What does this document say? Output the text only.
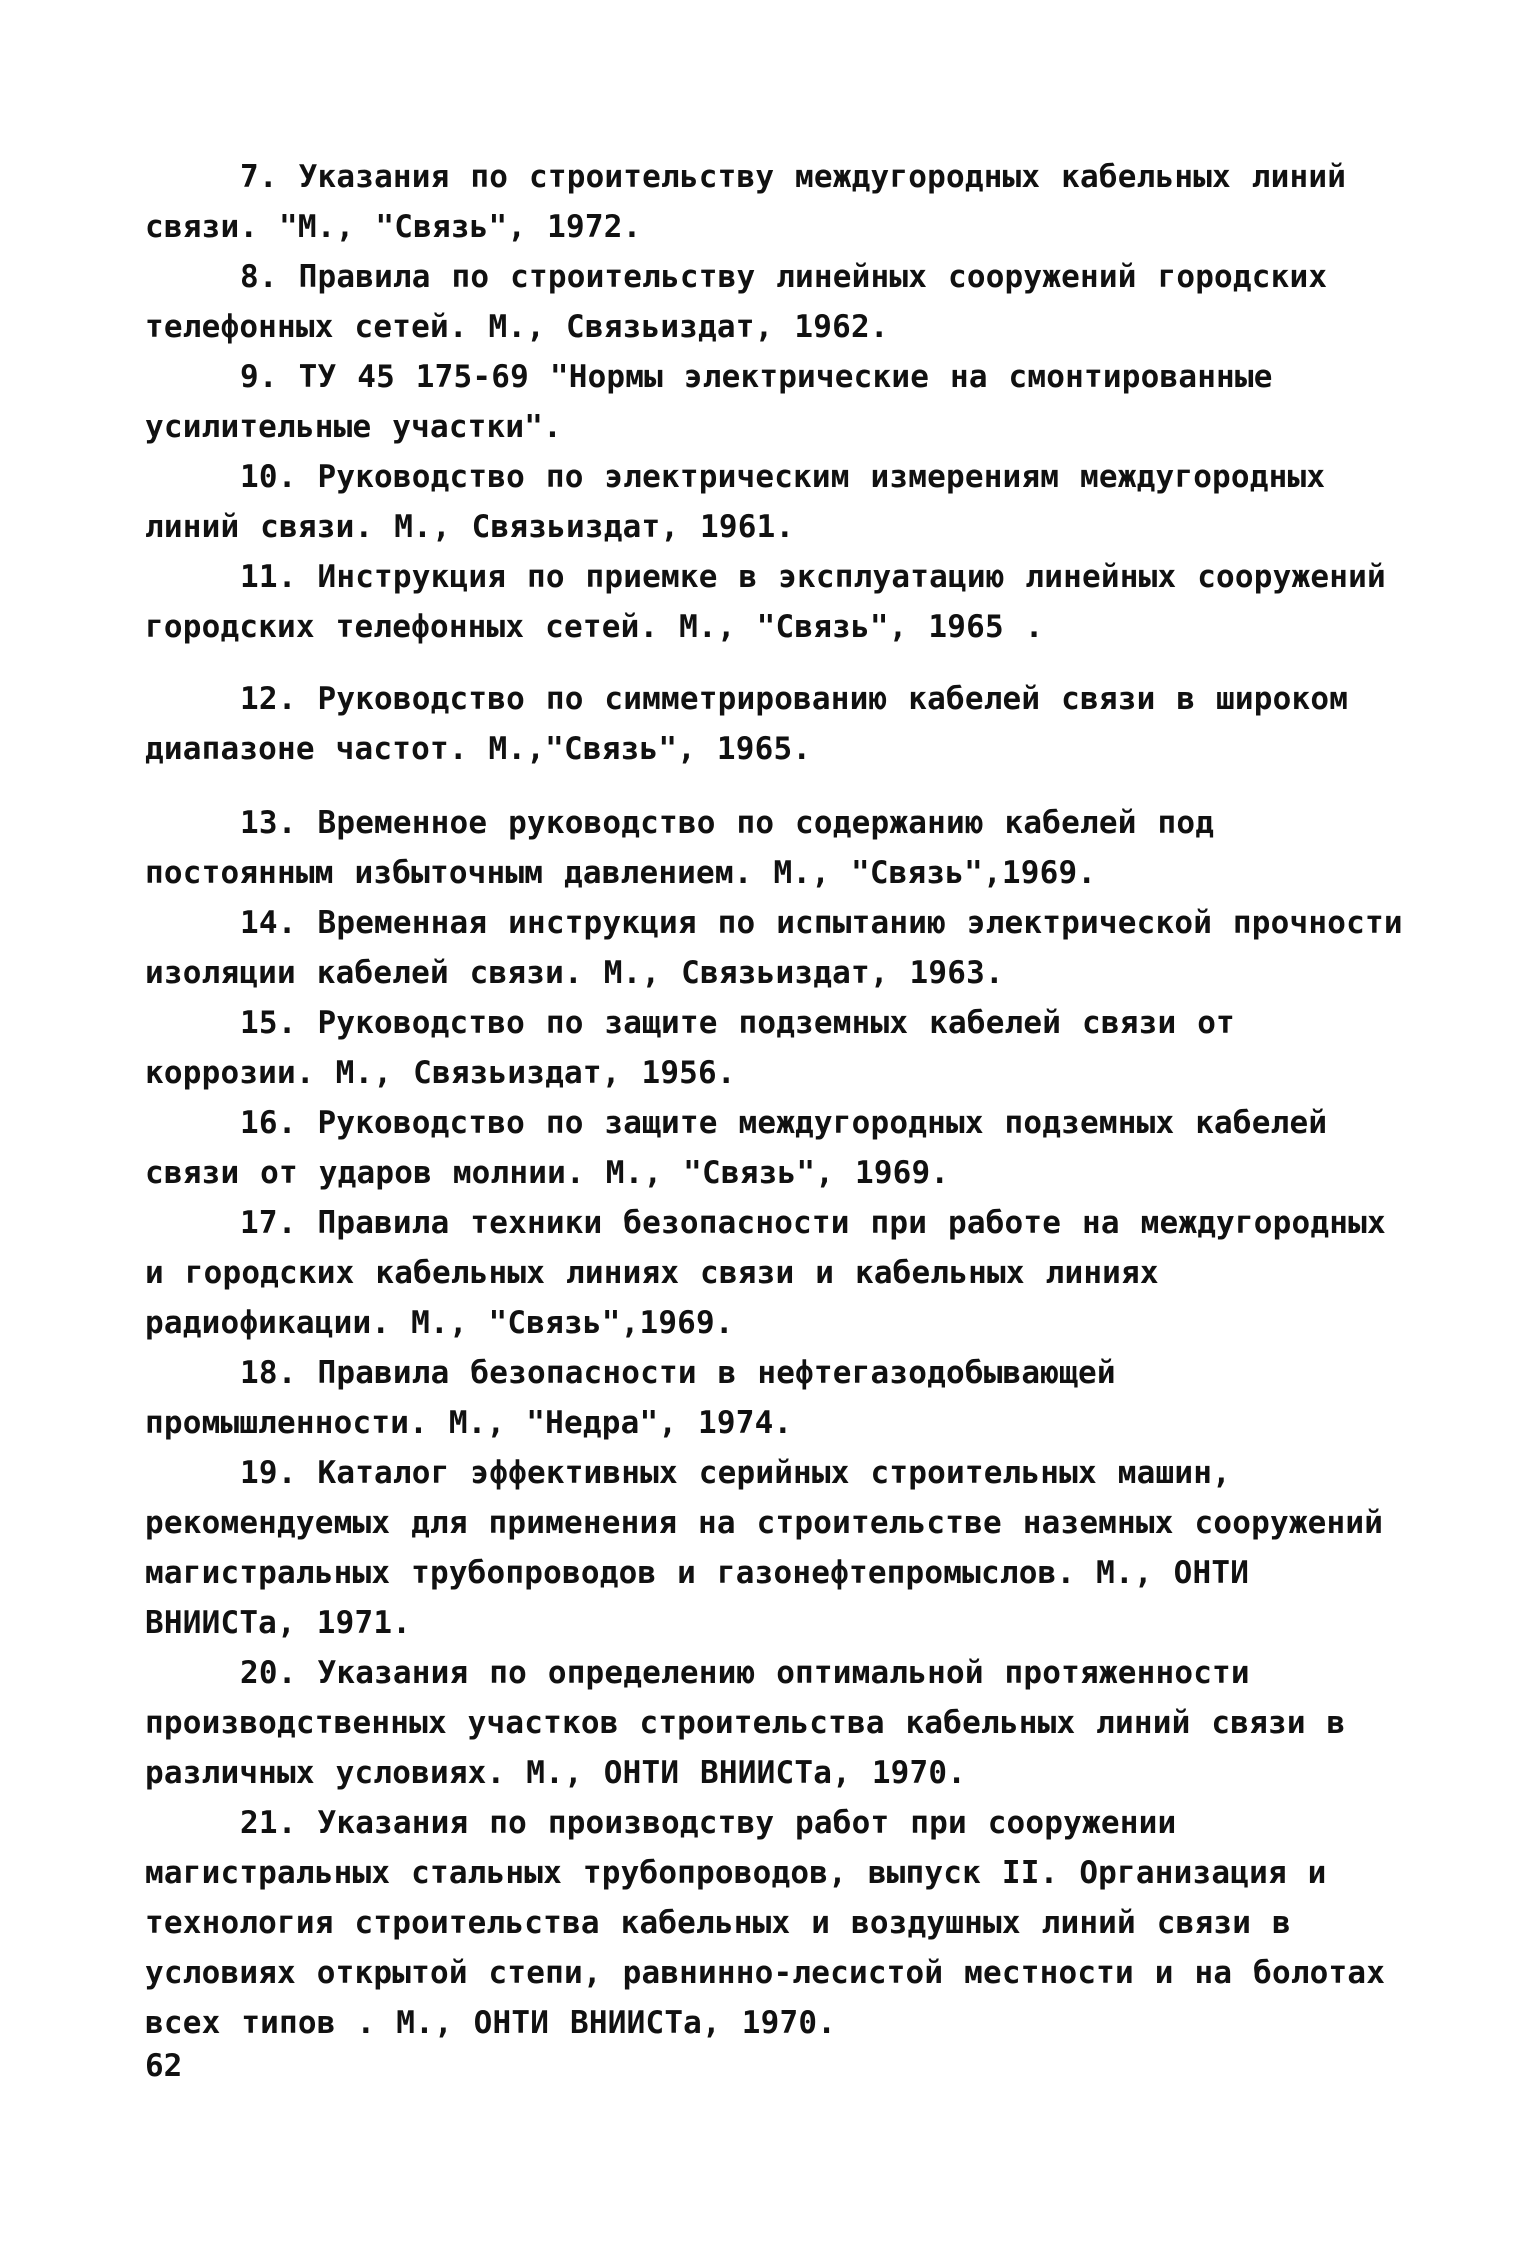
7. Указания по строительству междугородных кабельных линий связи. "М., "Связь", 1972.

8. Правила по строительству линейных сооружений городских телефонных сетей. М., Связьиздат, 1962.

9. ТУ 45 175-69 "Нормы электрические на смонтированные усилительные участки".

10. Руководство по электрическим измерениям междугородных линий связи. М., Связьиздат, 1961.

11. Инструкция по приемке в эксплуатацию линейных сооружений городских телефонных сетей. М., "Связь", 1965 .

12. Руководство по симметрированию кабелей связи в широком диапазоне частот. М.,"Связь", 1965.

13. Временное руководство по содержанию кабелей под постоянным избыточным давлением. М., "Связь",1969.

14. Временная инструкция по испытанию электрической прочности изоляции кабелей связи. М., Связьиздат, 1963.

15. Руководство по защите подземных кабелей связи от коррозии. М., Связьиздат, 1956.

16. Руководство по защите междугородных подземных кабелей связи от ударов молнии. М., "Связь", 1969.

17. Правила техники безопасности при работе на междугородных и городских кабельных линиях связи и кабельных линиях радиофикации. М., "Связь",1969.

18. Правила безопасности в нефтегазодобывающей промышленности. М., "Недра", 1974.

19. Каталог эффективных серийных строительных машин, рекомендуемых для применения на строительстве наземных сооружений магистральных трубопроводов и газонефтепромыслов. М., ОНТИ ВНИИСТа, 1971.

20. Указания по определению оптимальной протяженности производственных участков строительства кабельных линий связи в различных условиях. М., ОНТИ ВНИИСТа, 1970.

21. Указания по производству работ при сооружении магистральных стальных трубопроводов, выпуск II. Организация и технология строительства кабельных и воздушных линий связи в условиях открытой степи, равнинно-лесистой местности и на болотах всех типов . М., ОНТИ ВНИИСТа, 1970.

62
